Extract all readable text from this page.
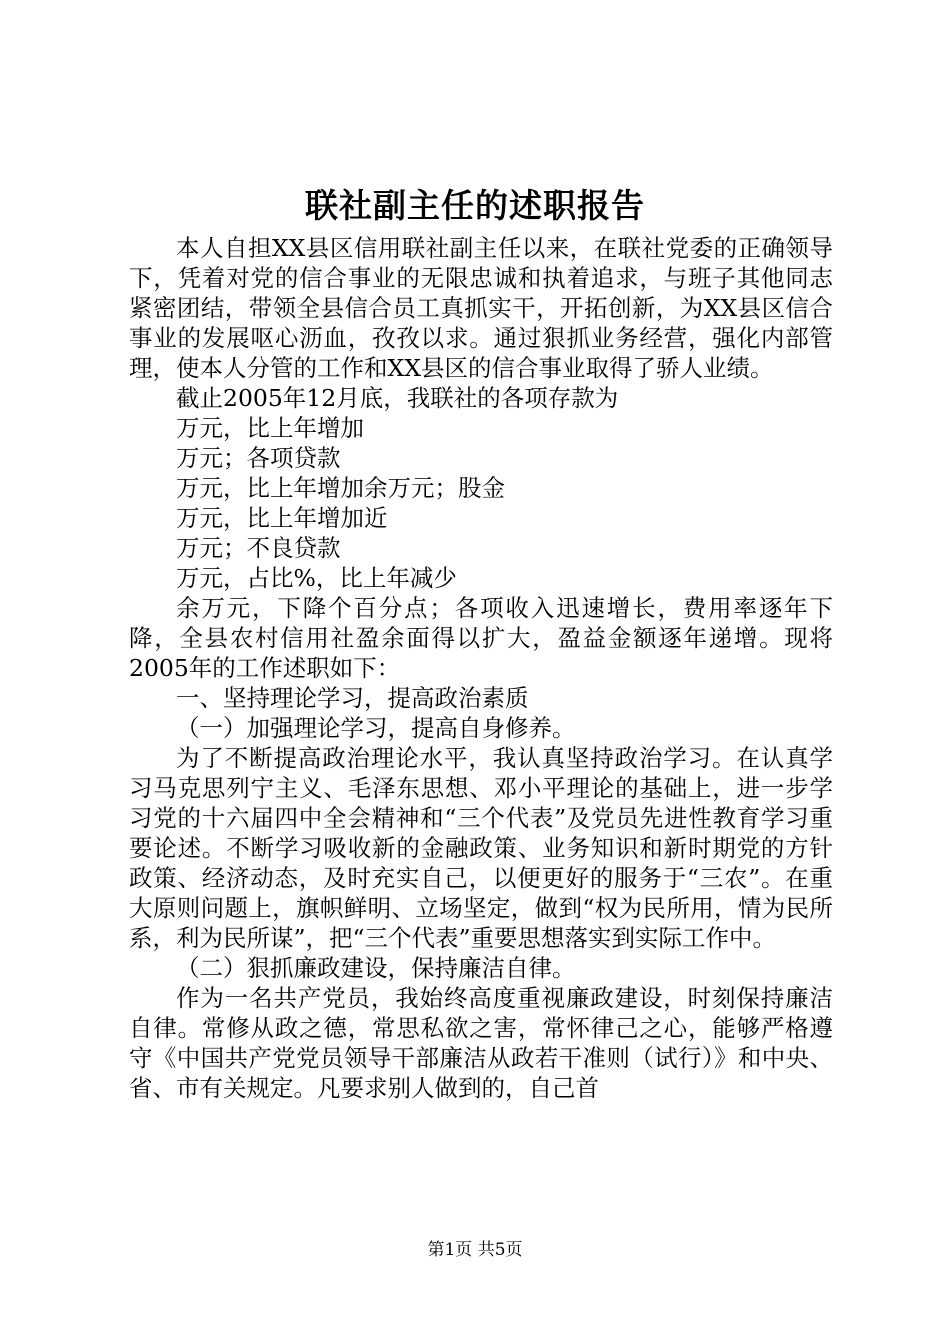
联社副主任的述职报告

本人自担XX县区信用联社副主任以来，在联社党委的正确领导下，凭着对党的信合事业的无限忠诚和执着追求，与班子其他同志紧密团结，带领全县信合员工真抓实干，开拓创新，为XX县区信合事业的发展呕心沥血，孜孜以求。通过狠抓业务经营，强化内部管理，使本人分管的工作和XX县区的信合事业取得了骄人业绩。

截止2005年12月底，我联社的各项存款为

万元，比上年增加

万元；各项贷款

万元，比上年增加余万元；股金

万元，比上年增加近

万元；不良贷款

万元，占比%，比上年减少

余万元，下降个百分点；各项收入迅速增长，费用率逐年下降，全县农村信用社盈余面得以扩大，盈益金额逐年递增。现将2005年的工作述职如下：

一、坚持理论学习，提高政治素质

（一）加强理论学习，提高自身修养。

为了不断提高政治理论水平，我认真坚持政治学习。在认真学习马克思列宁主义、毛泽东思想、邓小平理论的基础上，进一步学习党的十六届四中全会精神和“三个代表”及党员先进性教育学习重要论述。不断学习吸收新的金融政策、业务知识和新时期党的方针政策、经济动态，及时充实自己，以便更好的服务于“三农”。在重大原则问题上，旗帜鲜明、立场坚定，做到“权为民所用，情为民所系，利为民所谋”，把“三个代表”重要思想落实到实际工作中。

（二）狠抓廉政建设，保持廉洁自律。

作为一名共产党员，我始终高度重视廉政建设，时刻保持廉洁自律。常修从政之德，常思私欲之害，常怀律己之心，能够严格遵守《中国共产党党员领导干部廉洁从政若干准则（试行）》和中央、省、市有关规定。凡要求别人做到的，自己首

第1页 共5页
